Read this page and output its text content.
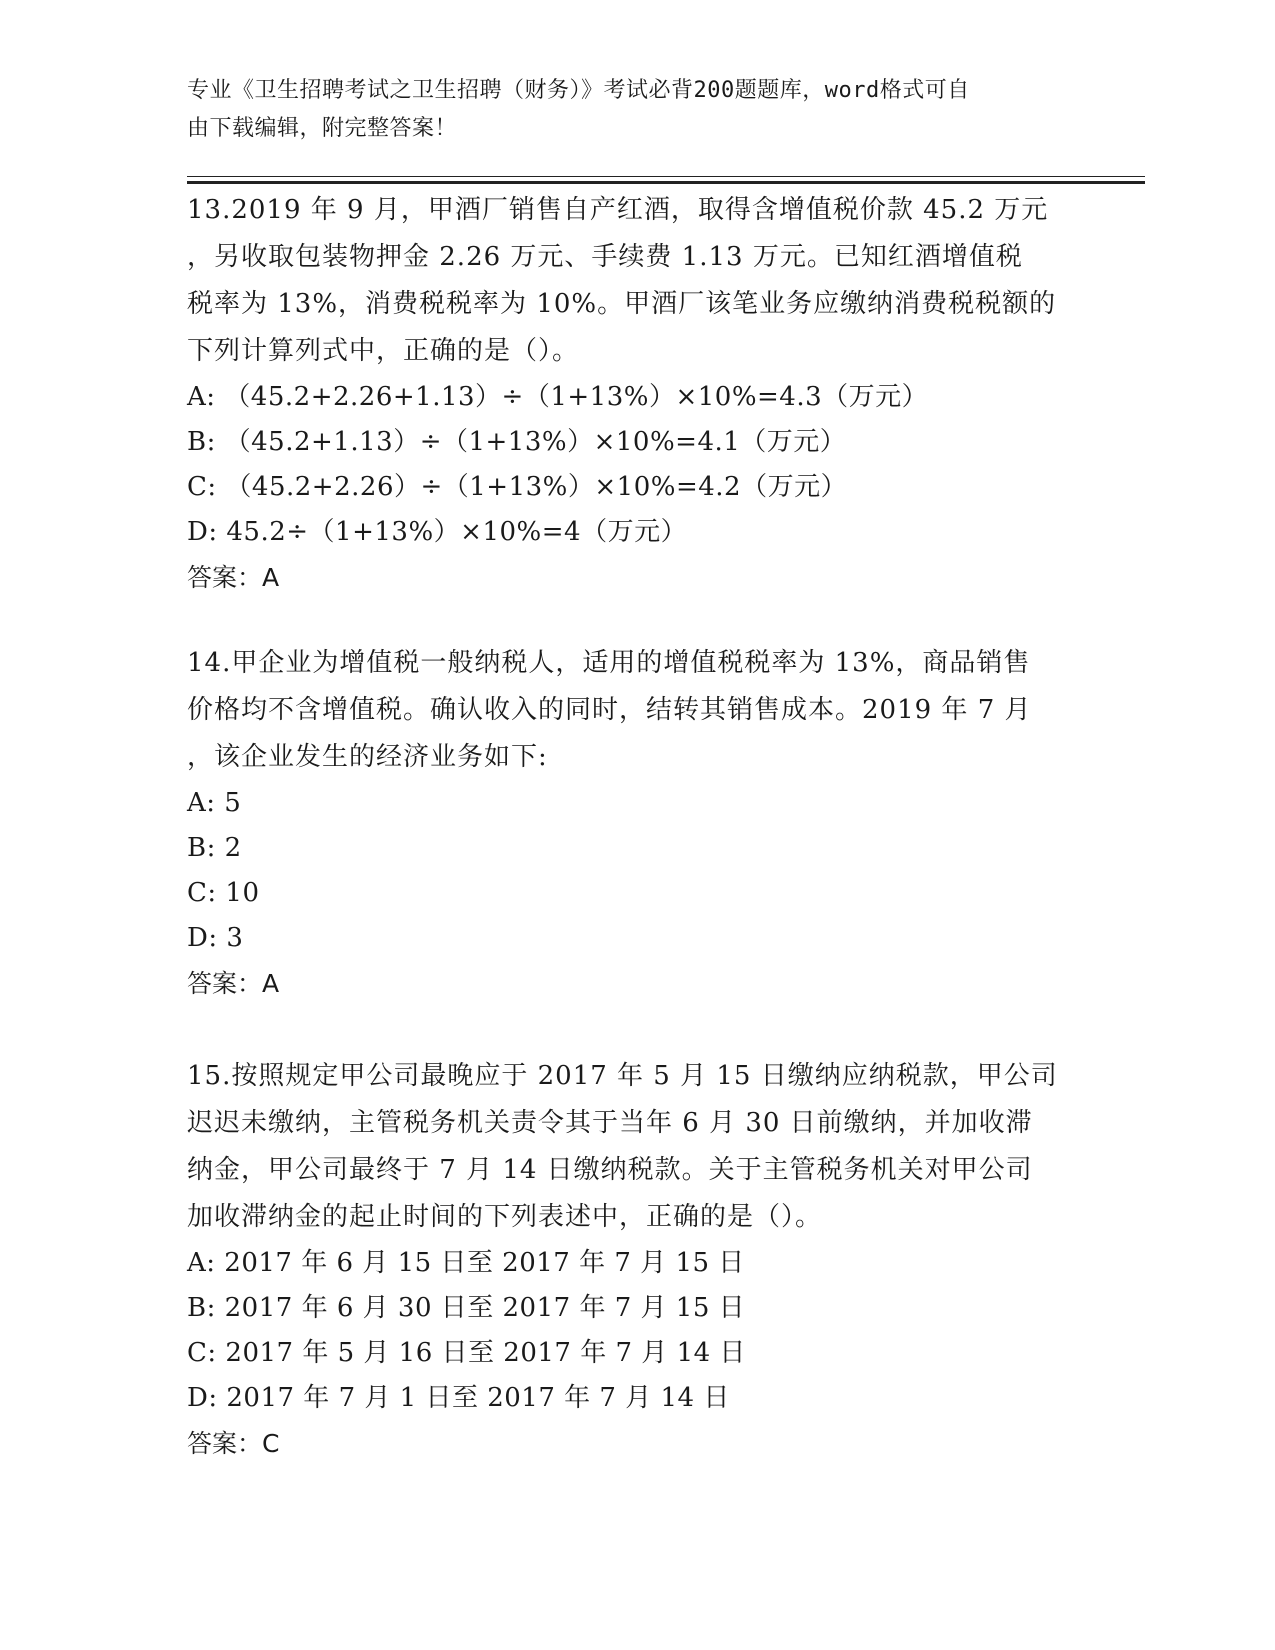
专业《卫生招聘考试之卫生招聘（财务）》考试必背200题题库，word格式可自
由下载编辑，附完整答案！
13.2019 年 9 月，甲酒厂销售自产红酒，取得含增值税价款 45.2 万元
，另收取包装物押金 2.26 万元、手续费 1.13 万元。已知红酒增值税
税率为 13%，消费税税率为 10%。甲酒厂该笔业务应缴纳消费税税额的
下列计算列式中，正确的是（）。
A: （45.2+2.26+1.13）÷（1+13%）×10%=4.3（万元）
B: （45.2+1.13）÷（1+13%）×10%=4.1（万元）
C: （45.2+2.26）÷（1+13%）×10%=4.2（万元）
D: 45.2÷（1+13%）×10%=4（万元）
答案：A
14.甲企业为增值税一般纳税人，适用的增值税税率为 13%，商品销售
价格均不含增值税。确认收入的同时，结转其销售成本。2019 年 7 月
，该企业发生的经济业务如下:
A: 5
B: 2
C: 10
D: 3
答案：A
15.按照规定甲公司最晚应于 2017 年 5 月 15 日缴纳应纳税款，甲公司
迟迟未缴纳，主管税务机关责令其于当年 6 月 30 日前缴纳，并加收滞
纳金，甲公司最终于 7 月 14 日缴纳税款。关于主管税务机关对甲公司
加收滞纳金的起止时间的下列表述中，正确的是（）。
A: 2017 年 6 月 15 日至 2017 年 7 月 15 日
B: 2017 年 6 月 30 日至 2017 年 7 月 15 日
C: 2017 年 5 月 16 日至 2017 年 7 月 14 日
D: 2017 年 7 月 1 日至 2017 年 7 月 14 日
答案：C
